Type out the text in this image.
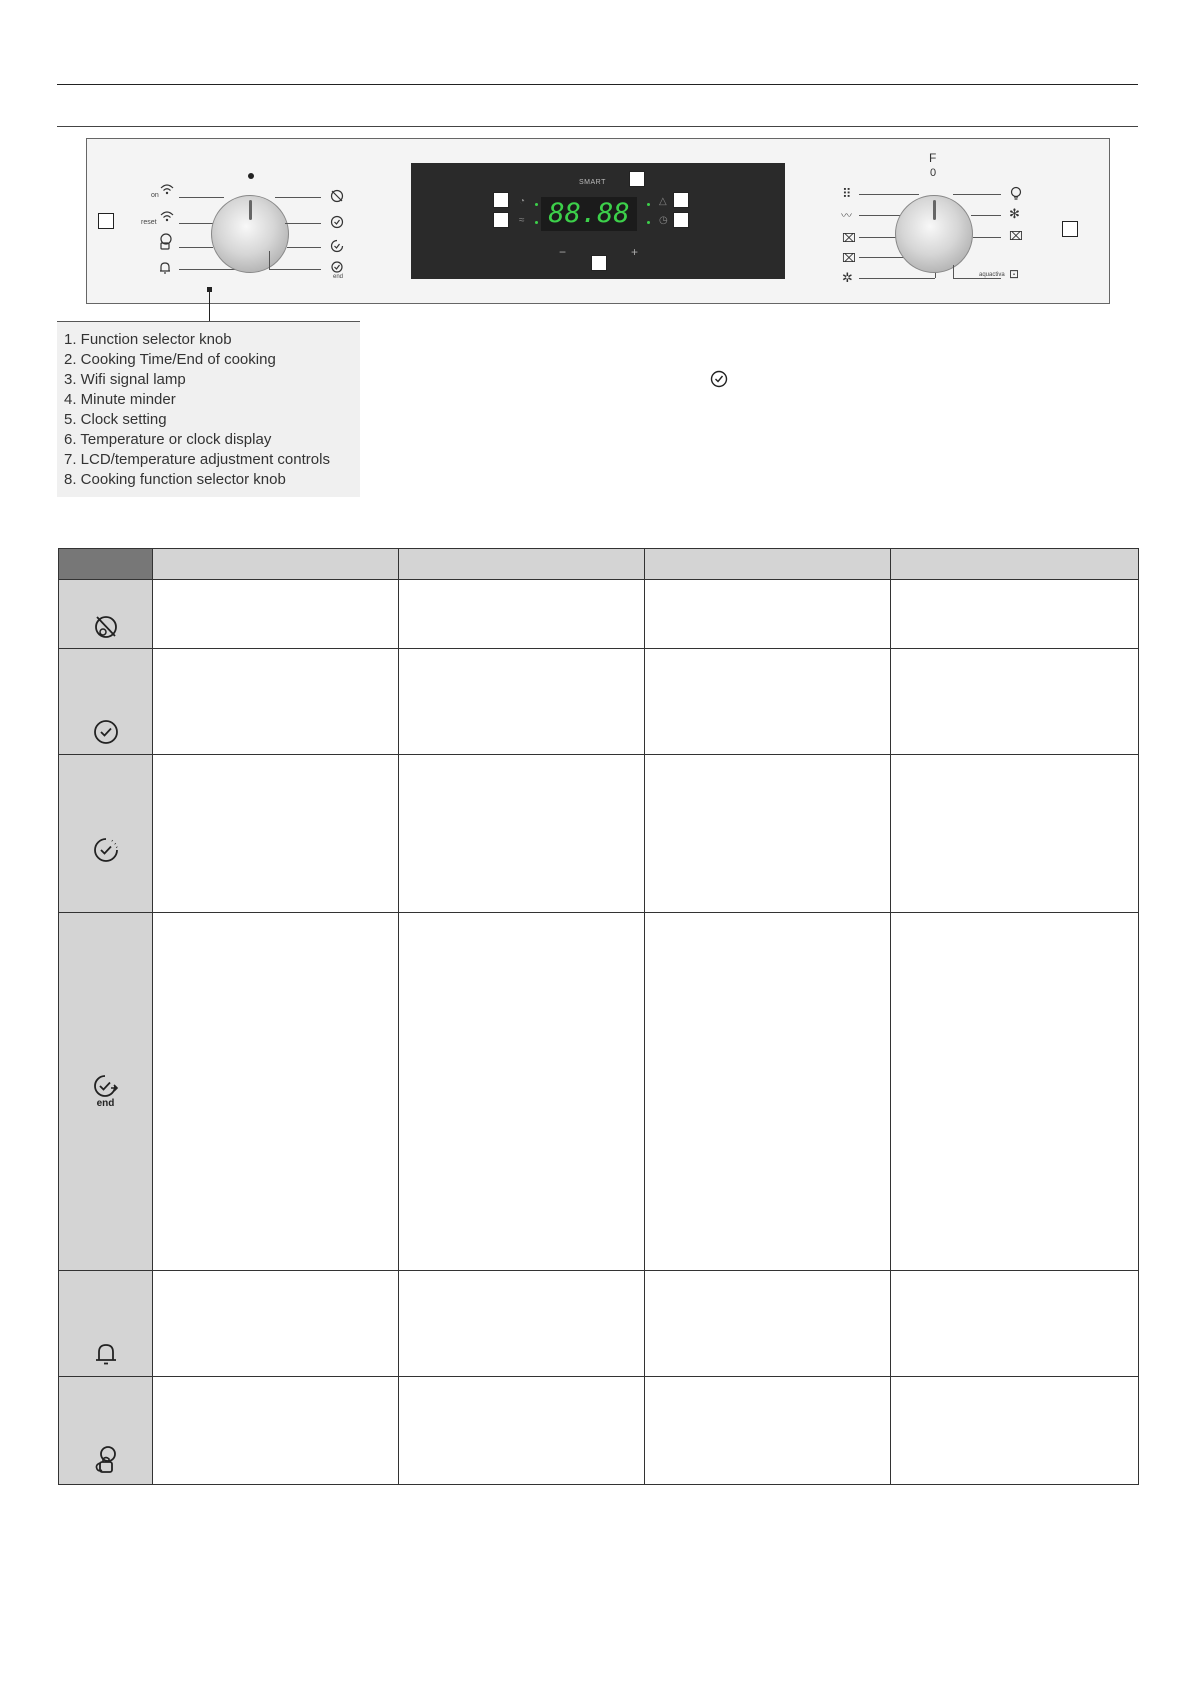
on
reset
end
SMART
◔
≈
△
◷
88.88
−	+
F
0
⠿
〰
⌧
⌧
✲
✻
⌧
aquactiva ⊡
1. Function selector knob
2. Cooking Time/End of cooking
3. Wifi signal lamp
4. Minute minder
5. Clock setting
6. Temperature or clock display
7. LCD/temperature adjustment controls
8. Cooking function selector knob

end				
